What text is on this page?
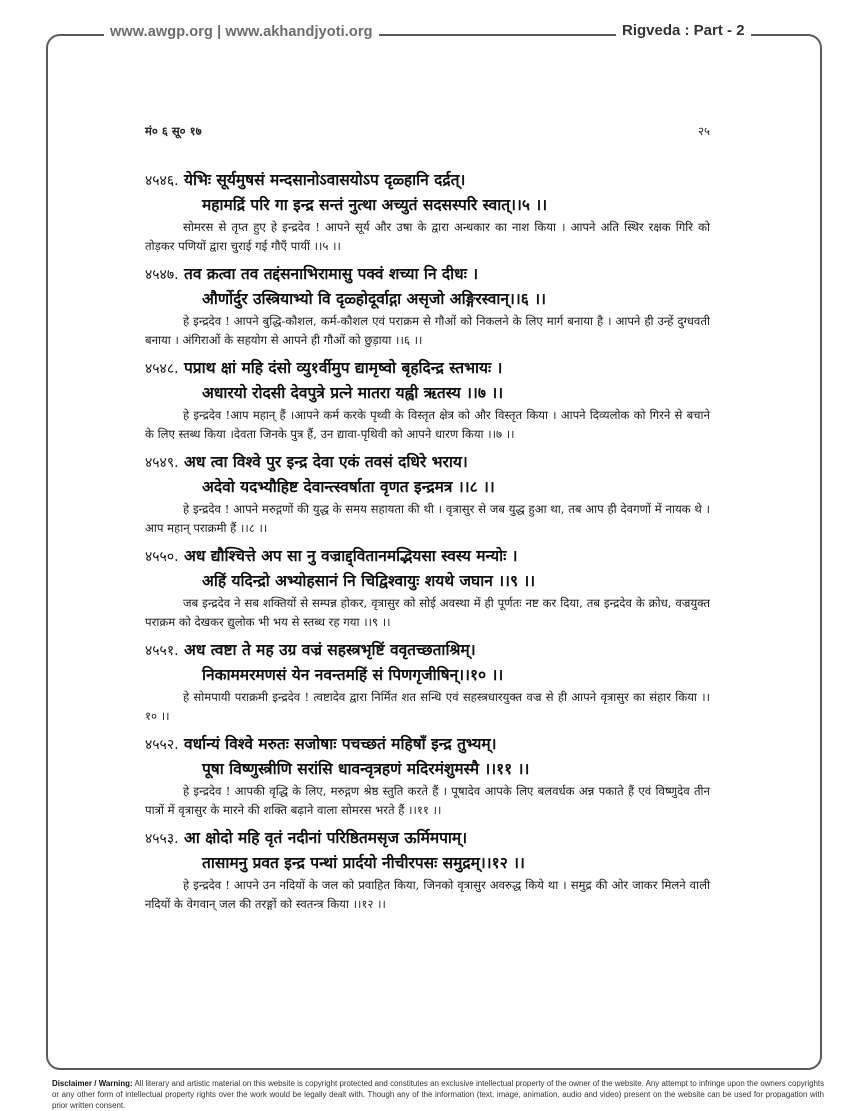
www.awgp.org | www.akhandjyoti.org	Rigveda : Part - 2
मं० ६ सू० १७	२५
४५४६. येभिः सूर्यमुषसं मन्दसानोऽवासयोऽप दृळ्हानि दर्द्रत्।
महामद्रिं परि गा इन्द्र सन्तं नुत्था अच्युतं सदसस्परि स्वात्।।५ ।।
सोमरस से तृप्त हुए हे इन्द्रदेव ! आपने सूर्य और उषा के द्वारा अन्धकार का नाश किया । आपने अति स्थिर रक्षक गिरि को तोड़कर पणियों द्वारा चुराई गई गौएँ पायीं ।।५ ।।
४५४७. तव क्रत्वा तव तद्दंसनाभिरामासु पक्वं शच्या नि दीधः ।
और्णोर्दुर उस्त्रियाभ्यो वि दृळ्होदूर्वाद्गा असृजो अङ्गिरस्वान्।।६ ।।
हे इन्द्रदेव ! आपने बुद्धि-कौशल, कर्म-कौशल एवं पराक्रम से गौओं को निकलने के लिए मार्ग बनाया है । आपने ही उन्हें दुग्धवती बनाया । अंगिराओं के सहयोग से आपने ही गौओं को छुड़ाया ।।६ ।।
४५४८. पप्राथ क्षां महि दंसो व्यु१र्वीमुप द्यामृष्वो बृहदिन्द्र स्तभायः ।
अधारयो रोदसी देवपुत्रे प्रत्ने मातरा यह्वी ऋतस्य ।।७ ।।
हे इन्द्रदेव !आप महान् हैं ।आपने कर्म करके पृथ्वी के विस्तृत क्षेत्र को और विस्तृत किया । आपने दिव्यलोक को गिरने से बचाने के लिए स्तब्ध किया ।देवता जिनके पुत्र हैं, उन द्यावा-पृथिवी को आपने धारण किया ।।७ ।।
४५४९. अध त्वा विश्वे पुर इन्द्र देवा एकं तवसं दधिरे भराय।
अदेवो यदभ्यौहिष्ट देवान्त्स्वर्षाता वृणत इन्द्रमत्र ।।८ ।।
हे इन्द्रदेव ! आपने मरुद्गणों की युद्ध के समय सहायता की थी । वृत्रासुर से जब युद्ध हुआ था, तब आप ही देवगणों में नायक थे । आप महान् पराक्रमी हैं ।।८ ।।
४५५०. अध द्यौश्चित्ते अप सा नु वज्राद्द्वितानमद्भियसा स्वस्य मन्योः ।
अहिं यदिन्द्रो अभ्योहसानं नि चिद्विश्वायुः शयथे जघान ।।९ ।।
जब इन्द्रदेव ने सब शक्तियों से सम्पन्न होकर, वृत्रासुर को सोई अवस्था में ही पूर्णतः नष्ट कर दिया, तब इन्द्रदेव के क्रोध, वज्रयुक्त पराक्रम को देखकर द्युलोक भी भय से स्तब्ध रह गया ।।९ ।।
४५५१. अध त्वष्टा ते मह उग्र वज्रं सहस्त्रभृष्टिं ववृतच्छताश्रिम्।
निकाममरमणसं येन नवन्तमहिं सं पिणगृजीषिन्।।१० ।।
हे सोमपायी पराक्रमी इन्द्रदेव ! त्वष्टादेव द्वारा निर्मित शत सन्धि एवं सहस्त्रधारयुक्त वज्र से ही आपने वृत्रासुर का संहार किया ।।१० ।।
४५५२. वर्धान्यं विश्वे मरुतः सजोषाः पचच्छतं महिषाँ इन्द्र तुभ्यम्।
पूषा विष्णुस्त्रीणि सरांसि धावन्वृत्रहणं मदिरमंशुमस्मै ।।११ ।।
हे इन्द्रदेव ! आपकी वृद्धि के लिए, मरुद्गण श्रेष्ठ स्तुति करते हैं । पूषादेव आपके लिए बलवर्धक अन्न पकाते हैं एवं विष्णुदेव तीन पात्रों में वृत्रासुर के मारने की शक्ति बढ़ाने वाला सोमरस भरते हैं ।।११ ।।
४५५३. आ क्षोदो महि वृतं नदीनां परिष्ठितमसृज ऊर्मिमपाम्।
तासामनु प्रवत इन्द्र पन्थां प्रार्दयो नीचीरपसः समुद्रम्।।१२ ।।
हे इन्द्रदेव ! आपने उन नदियों के जल को प्रवाहित किया, जिनको वृत्रासुर अवरुद्ध किये था । समुद्र की ओर जाकर मिलने वाली नदियों के वेगवान् जल की तरङ्गों को स्वतन्त्र किया ।।१२ ।।
Disclaimer / Warning: All literary and artistic material on this website is copyright protected and constitutes an exclusive intellectual property of the owner of the website. Any attempt to infringe upon the owners copyrights or any other form of intellectual property rights over the work would be legally dealt with. Though any of the information (text, image, animation, audio and video) present on the website can be used for propagation with prior written consent.
